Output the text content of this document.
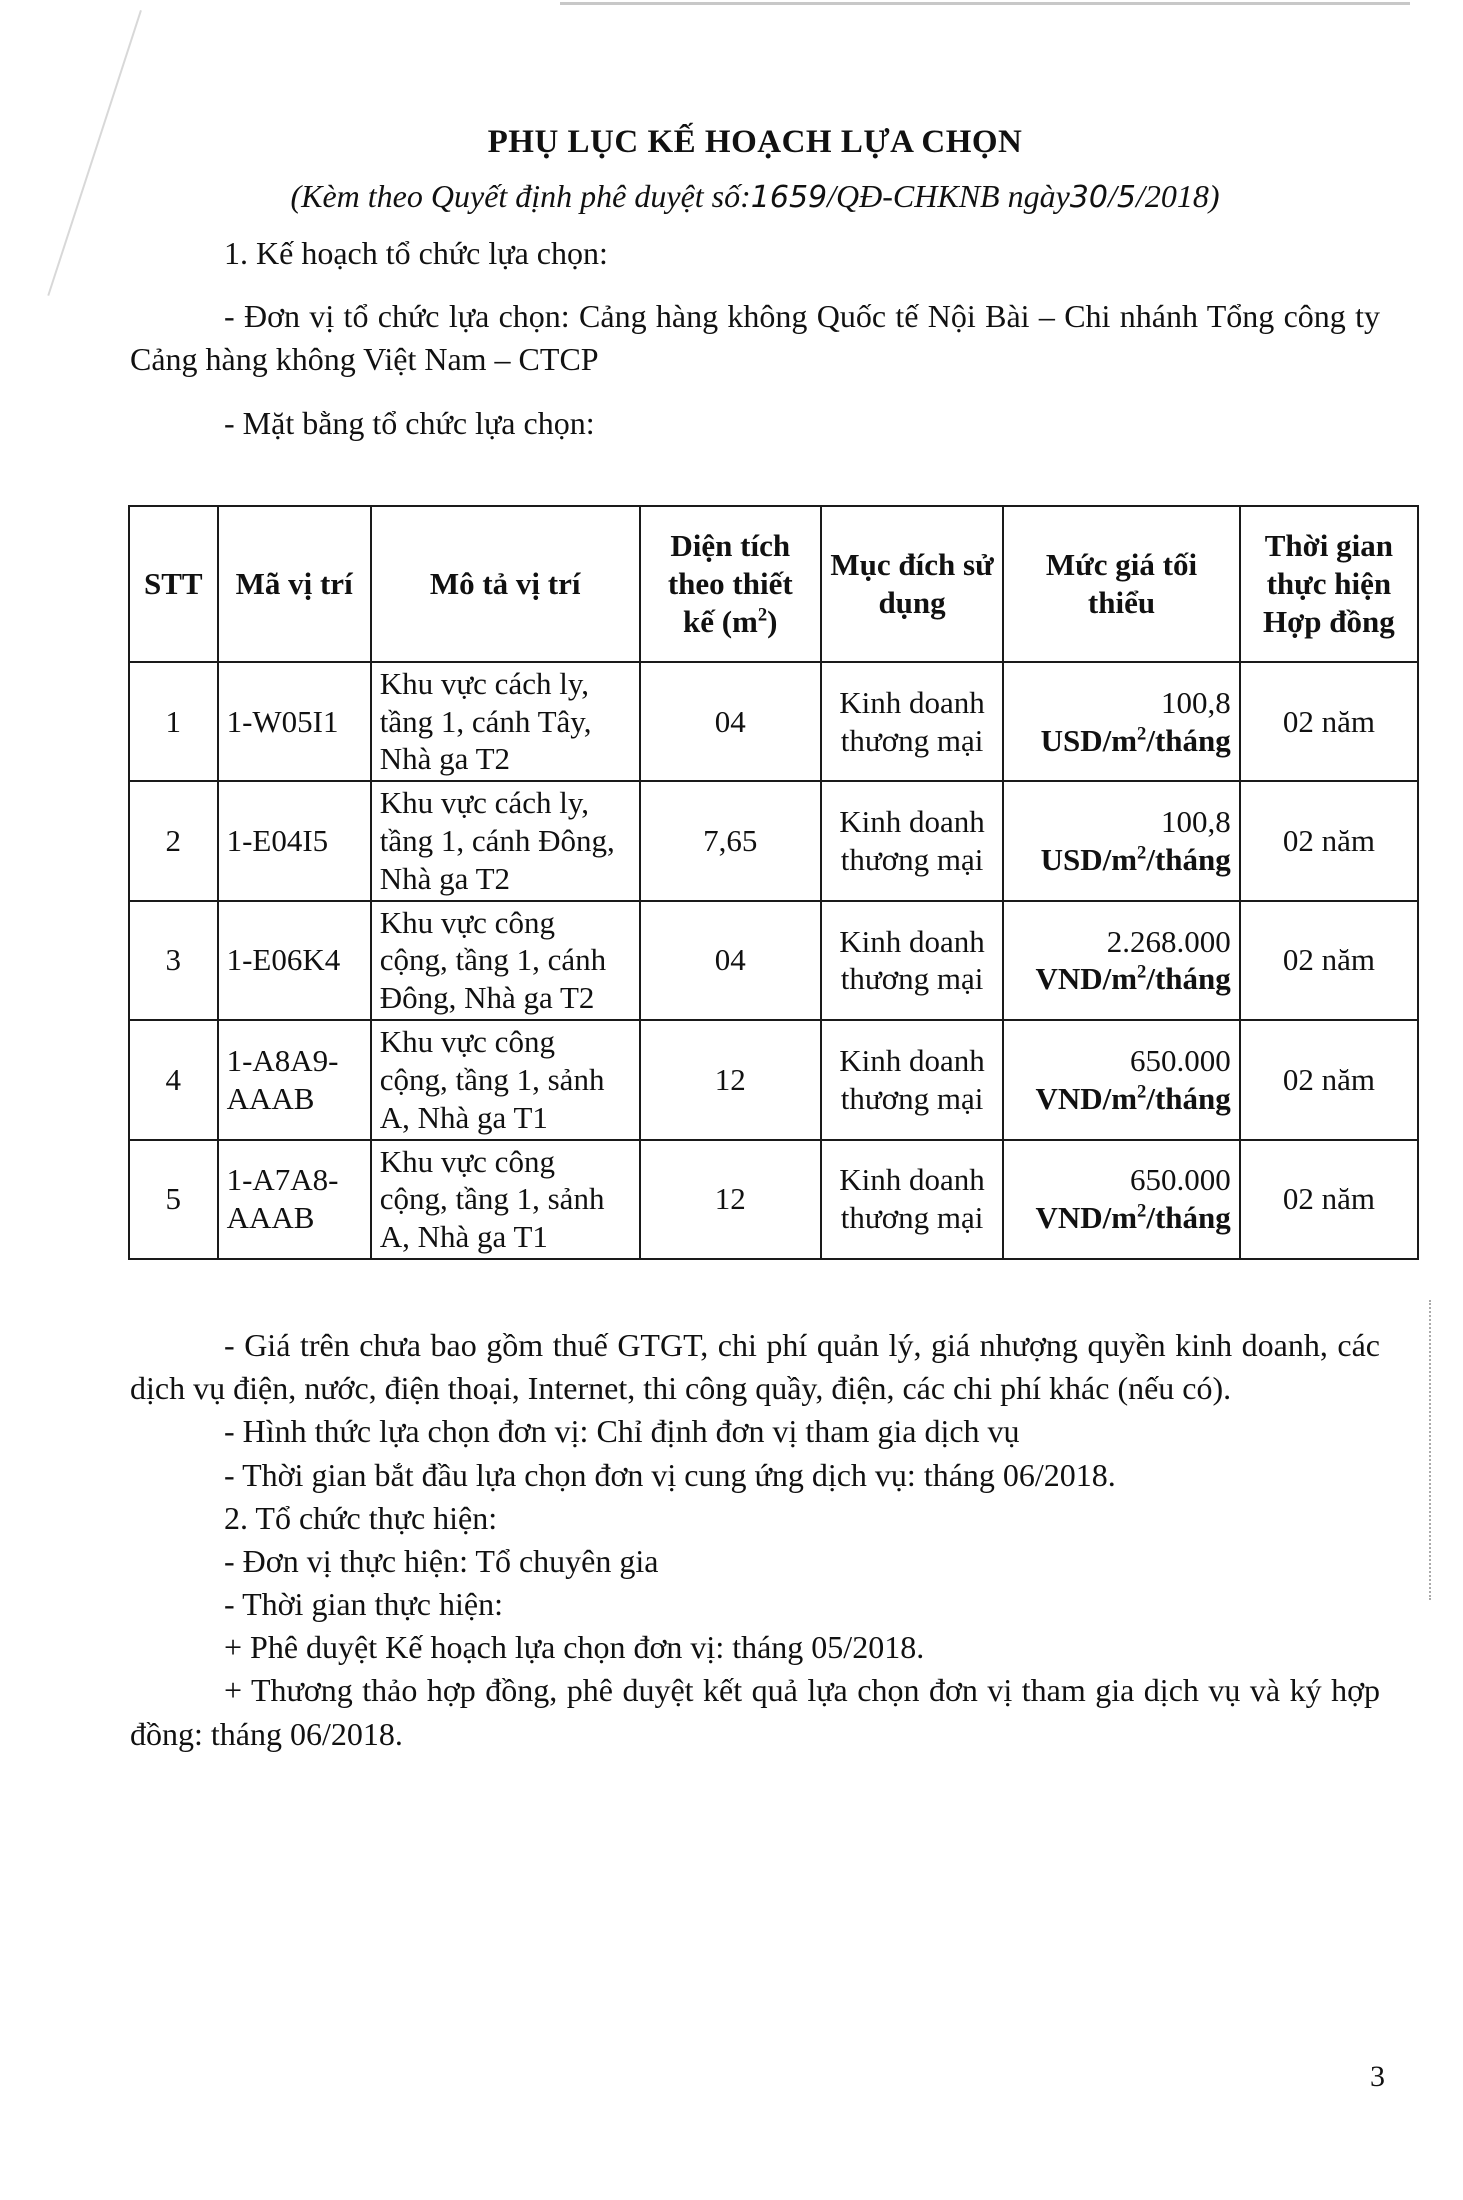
PHỤ LỤC KẾ HOẠCH LỰA CHỌN

(Kèm theo Quyết định phê duyệt số:1659/QĐ-CHKNB ngày30/5/2018)

1. Kế hoạch tổ chức lựa chọn:

- Đơn vị tổ chức lựa chọn: Cảng hàng không Quốc tế Nội Bài – Chi nhánh Tổng công ty Cảng hàng không Việt Nam – CTCP

- Mặt bằng tổ chức lựa chọn:

STT	Mã vị trí	Mô tả vị trí	Diện tích theo thiết kế $(m^2)$	Mục đích sử dụng	Mức giá tối thiểu	Thời gian thực hiện Hợp đồng
1	1-W05I1	Khu vực cách ly, tầng 1, cánh Tây, Nhà ga T2	04	Kinh doanh thương mại	100,8
USD/$m^2$/tháng	02 năm
2	1-E04I5	Khu vực cách ly, tầng 1, cánh Đông, Nhà ga T2	7,65	Kinh doanh thương mại	100,8
USD/$m^2$/tháng	02 năm
3	1-E06K4	Khu vực công cộng, tầng 1, cánh Đông, Nhà ga T2	04	Kinh doanh thương mại	2.268.000
VND/$m^2$/tháng	02 năm
4	1-A8A9-AAAB	Khu vực công cộng, tầng 1, sảnh A, Nhà ga T1	12	Kinh doanh thương mại	650.000
VND/$m^2$/tháng	02 năm
5	1-A7A8-AAAB	Khu vực công cộng, tầng 1, sảnh A, Nhà ga T1	12	Kinh doanh thương mại	650.000
VND/$m^2$/tháng	02 năm

- Giá trên chưa bao gồm thuế GTGT, chi phí quản lý, giá nhượng quyền kinh doanh, các dịch vụ điện, nước, điện thoại, Internet, thi công quầy, điện, các chi phí khác (nếu có).

- Hình thức lựa chọn đơn vị: Chỉ định đơn vị tham gia dịch vụ

- Thời gian bắt đầu lựa chọn đơn vị cung ứng dịch vụ: tháng 06/2018.

2. Tổ chức thực hiện:

- Đơn vị thực hiện: Tổ chuyên gia

- Thời gian thực hiện:

+ Phê duyệt Kế hoạch lựa chọn đơn vị: tháng 05/2018.

+ Thương thảo hợp đồng, phê duyệt kết quả lựa chọn đơn vị tham gia dịch vụ và ký hợp đồng: tháng 06/2018.

3
